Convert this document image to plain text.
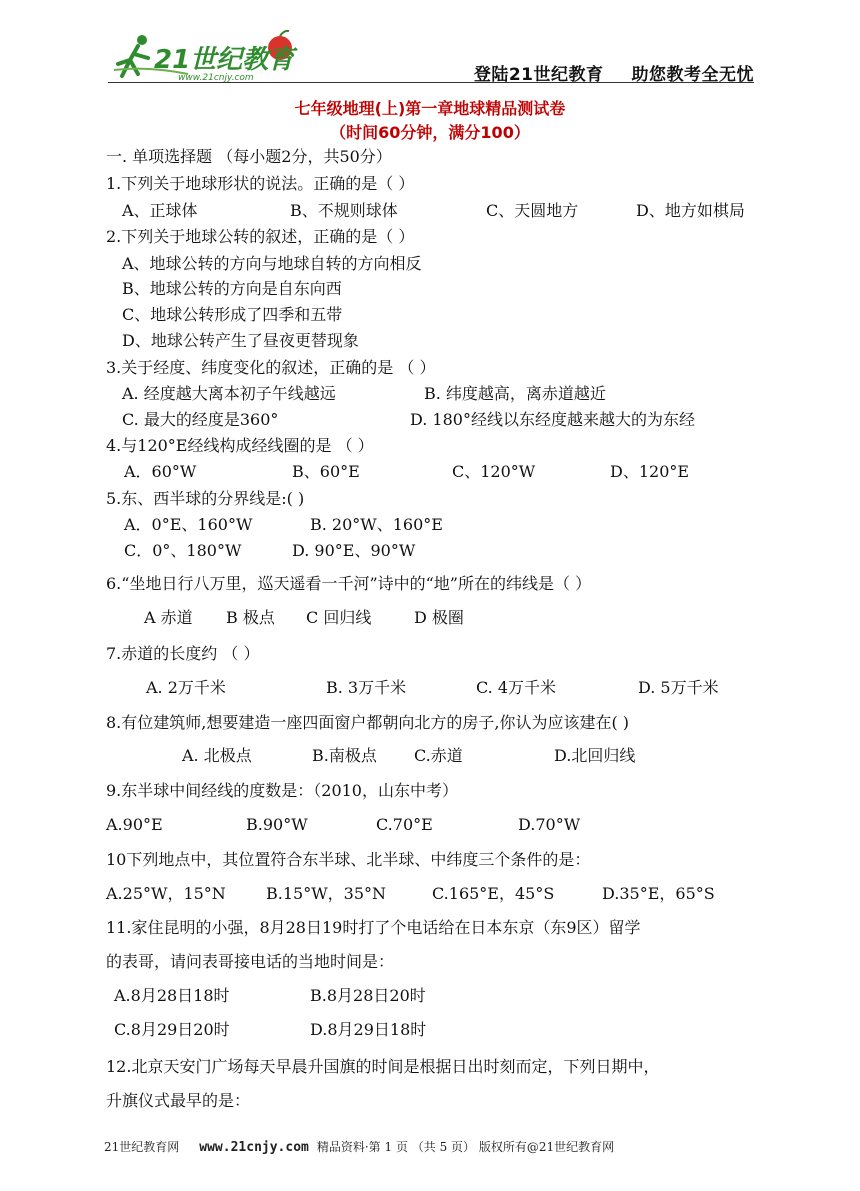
21世纪教育
www.21cnjy.com	登陆21世纪教育 助您教考全无忧
七年级地理(上)第一章地球精品测试卷
（时间60分钟，满分100）
一. 单项选择题 （每小题2分，共50分）
1.下列关于地球形状的说法。正确的是（ ）
A、正球体	B、不规则球体	C、天圆地方	D、地方如棋局
2.下列关于地球公转的叙述，正确的是（ ）
A、地球公转的方向与地球自转的方向相反
B、地球公转的方向是自东向西
C、地球公转形成了四季和五带
D、地球公转产生了昼夜更替现象
3.关于经度、纬度变化的叙述，正确的是 （ ）
A. 经度越大离本初子午线越远	B. 纬度越高，离赤道越近
C. 最大的经度是360°	D. 180°经线以东经度越来越大的为东经
4.与120°E经线构成经线圈的是 （ ）
A．60°W	B、60°E	C、120°W	D、120°E
5.东、西半球的分界线是:( )
A．0°E、160°W	B. 20°W、160°E
C．0°、180°W	D. 90°E、90°W
6.“坐地日行八万里，巡天遥看一千河”诗中的“地”所在的纬线是（ ）
A 赤道 B 极点 C 回归线	D 极圈
7.赤道的长度约 （ ）
A. 2万千米	B. 3万千米	C. 4万千米	D. 5万千米
8.有位建筑师,想要建造一座四面窗户都朝向北方的房子,你认为应该建在( )
A. 北极点	B.南极点 C.赤道	D.北回归线
9.东半球中间经线的度数是：（2010，山东中考）
A.90°E	B.90°W	C.70°E	D.70°W
10下列地点中，其位置符合东半球、北半球、中纬度三个条件的是：
A.25°W，15°N	B.15°W，35°N	C.165°E，45°S	D.35°E，65°S
11.家住昆明的小强，8月28日19时打了个电话给在日本东京（东9区）留学
的表哥，请问表哥接电话的当地时间是：
A.8月28日18时	B.8月28日20时
C.8月29日20时	D.8月29日18时
12.北京天安门广场每天早晨升国旗的时间是根据日出时刻而定，下列日期中，
升旗仪式最早的是：
21世纪教育网 www.21cnjy.com 精品资料·第 1 页 （共 5 页） 版权所有@21世纪教育网
